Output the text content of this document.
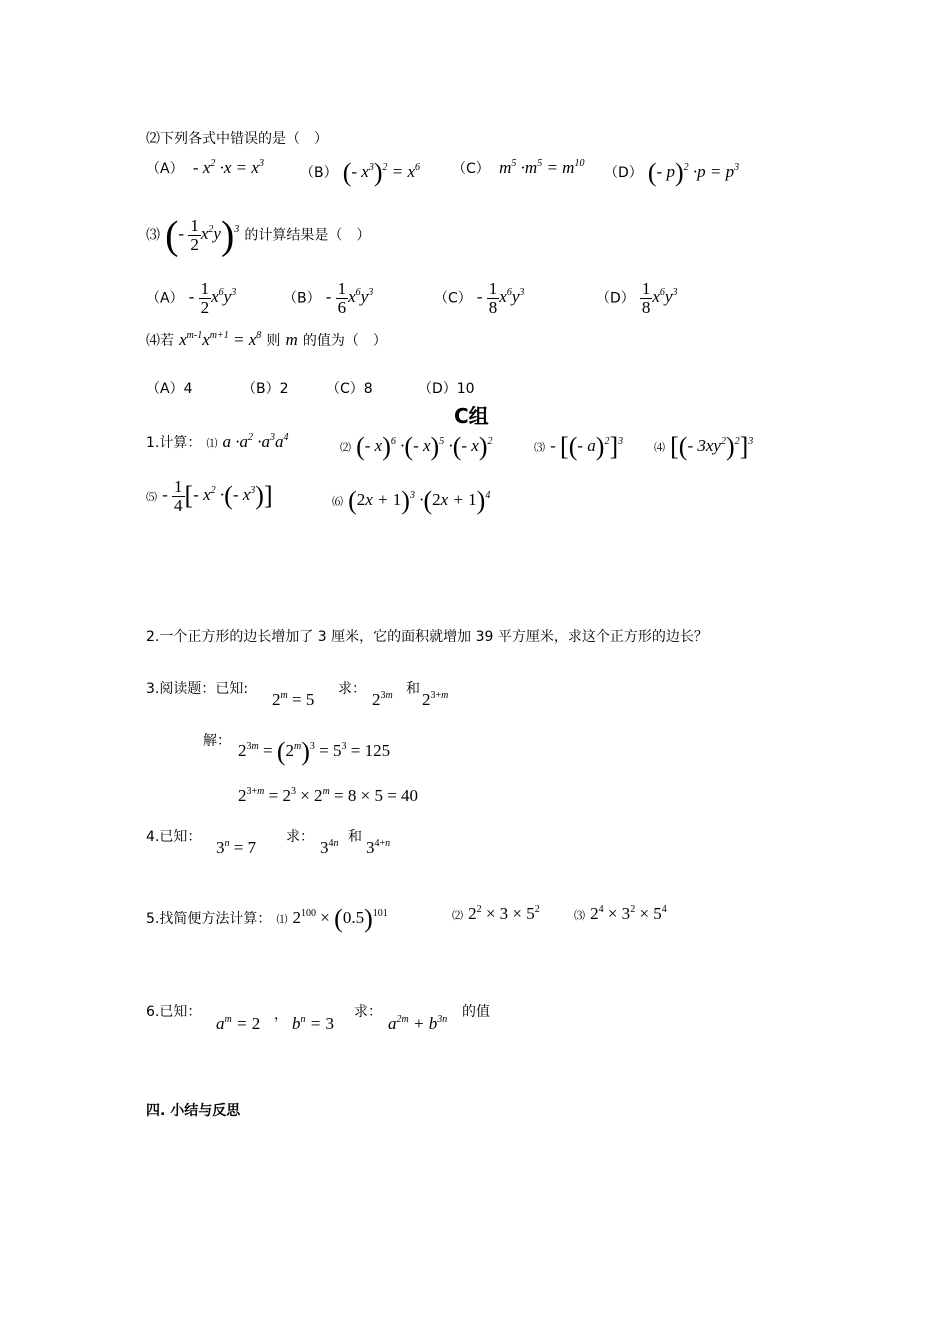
⑵下列各式中错误的是（　）
$(A) - x^2 \cdot x = x^3$
（B） (- $x^3)^2 = x^6$ （C）  $m^5 \cdot m^5 = m^{10}$
（D） (- $p)^2 \cdot p = p^3$
⑶ (- $\frac{1}{2} x^2y)^3$ 的计算结果是（　）
$(A) - \frac{1}{2} x^6y^3$	$(B) - \frac{1}{6} x^6y^3$	$(C) - \frac{1}{8} x^6y^3$	$(D) \frac{1}{8} x^6y^3$
⑷若 $x^{m-1}x^{m+1} = x^8$ 则 m 的值为（　）
（A）4	（B）2	（C）8	（D）10
C组
1.计算： ⑴ $a \cdot a^2 \cdot a^3a^4$
⑵ (- x)$^6$ ·(- x)$^5$ ·(- x)$^2$	⑶ - [(- a)$^2$]$^3$	⑷ [(- $3xy^2)^2]^3$
⑸ - $\frac{1}{4}$ [- $x^2$ ·(- $x^3$)]	⑹ $(2x + 1)^3 \cdot(2x + 1)^4$
2.一个正方形的边长增加了 3 厘米，它的面积就增加 39 平方厘米，求这个正方形的边长？
3.阅读题：已知:
$2^m = 5$
求：
$2^{3m}$ 和
$2^{3+m}$
解： $2^{3m} = (2^m)^3 = 5^3 = 125$
$2^{3+m} = 2^3 \times 2^m = 8 \times 5 = 40$
4.已知：
$3^n = 7$
求：
$3^{4n}$ 和
$3^{4+n}$
5.找简便方法计算： ⑴ $2^{100} \times (0.5)^{101}$	⑵ $2^2 \times 3 \times 5^2$	⑶ $2^4 \times 3^2 \times 5^4$
6.已知：
$a^m = 2$ ， $b^n = 3$
求：
$a^{2m} + b^{3n}$ 的值
四. 小结与反思
